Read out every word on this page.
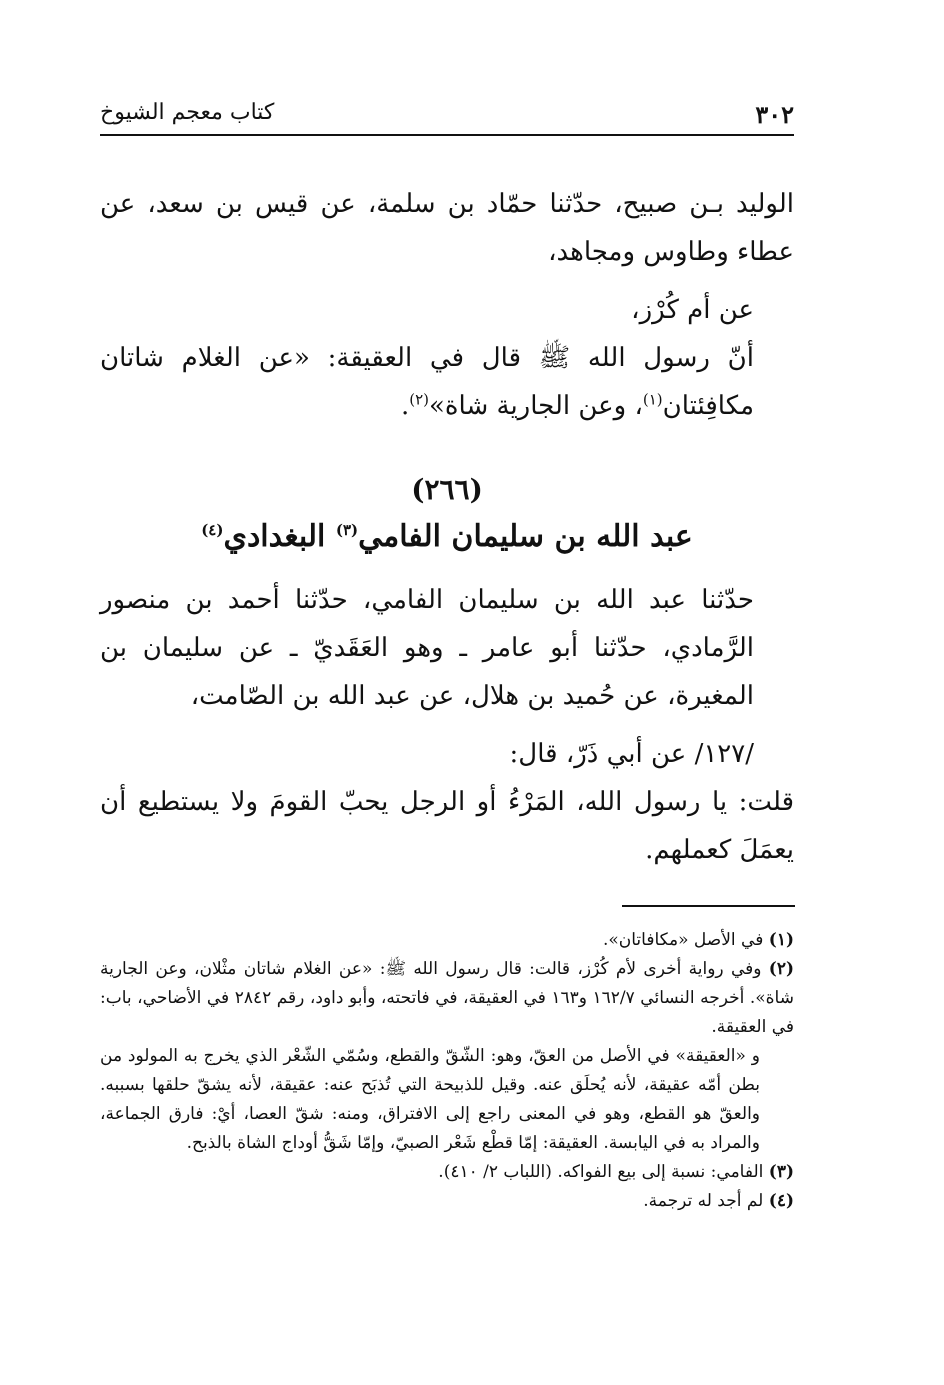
٣٠٢
كتاب معجم الشيوخ

الوليد بـن صبيح، حدّثنا حمّاد بن سلمة، عن قيس بن سعد، عن عطاء وطاوس ومجاهد،

عن أم كُرْز،

أنّ رسول الله ﷺ قال في العقيقة: «عن الغلام شاتان مكافِئتان$^{(١)}$، وعن الجارية شاة»$^{(٢)}$.

(٢٦٦)
عبد الله بن سليمان الفامي$^{(٣)}$ البغدادي$^{(٤)}$

حدّثنا عبد الله بن سليمان الفامي، حدّثنا أحمد بن منصور الرَّمادي، حدّثنا أبو عامر ـ وهو العَقَديّ ـ عن سليمان بن المغيرة، عن حُميد بن هلال، عن عبد الله بن الصّامت،

/١٢٧/ عن أبي ذَرّ، قال:

قلت: يا رسول الله، المَرْءُ أو الرجل يحبّ القومَ ولا يستطيع أن يعمَلَ كعملهم.

(١) في الأصل «مكافاتان».

(٢) وفي رواية أخرى لأم كُرْز، قالت: قال رسول الله ﷺ: «عن الغلام شاتان مثْلان، وعن الجارية شاة». أخرجه النسائي ١٦٢/٧ و١٦٣ في العقيقة، في فاتحته، وأبو داود، رقم ٢٨٤٢ في الأضاحي، باب: في العقيقة.

و «العقيقة» في الأصل من العقّ، وهو: الشّقّ والقطع، وسُمّي الشّعْر الذي يخرج به المولود من بطن أمّه عقيقة، لأنه يُحلَق عنه. وقيل للذبيحة التي تُذبَح عنه: عقيقة، لأنه يشقّ حلقها بسببه. والعقّ هو القطع، وهو في المعنى راجع إلى الافتراق، ومنه: شقّ العصا، أيْ: فارق الجماعة، والمراد به في اليابسة. العقيقة: إمّا قطْع شَعْر الصبيّ، وإمّا شَقُّ أوداج الشاة بالذبح.

(٣) الفامي: نسبة إلى بيع الفواكه. (اللباب ٢/ ٤١٠).

(٤) لم أجد له ترجمة.
